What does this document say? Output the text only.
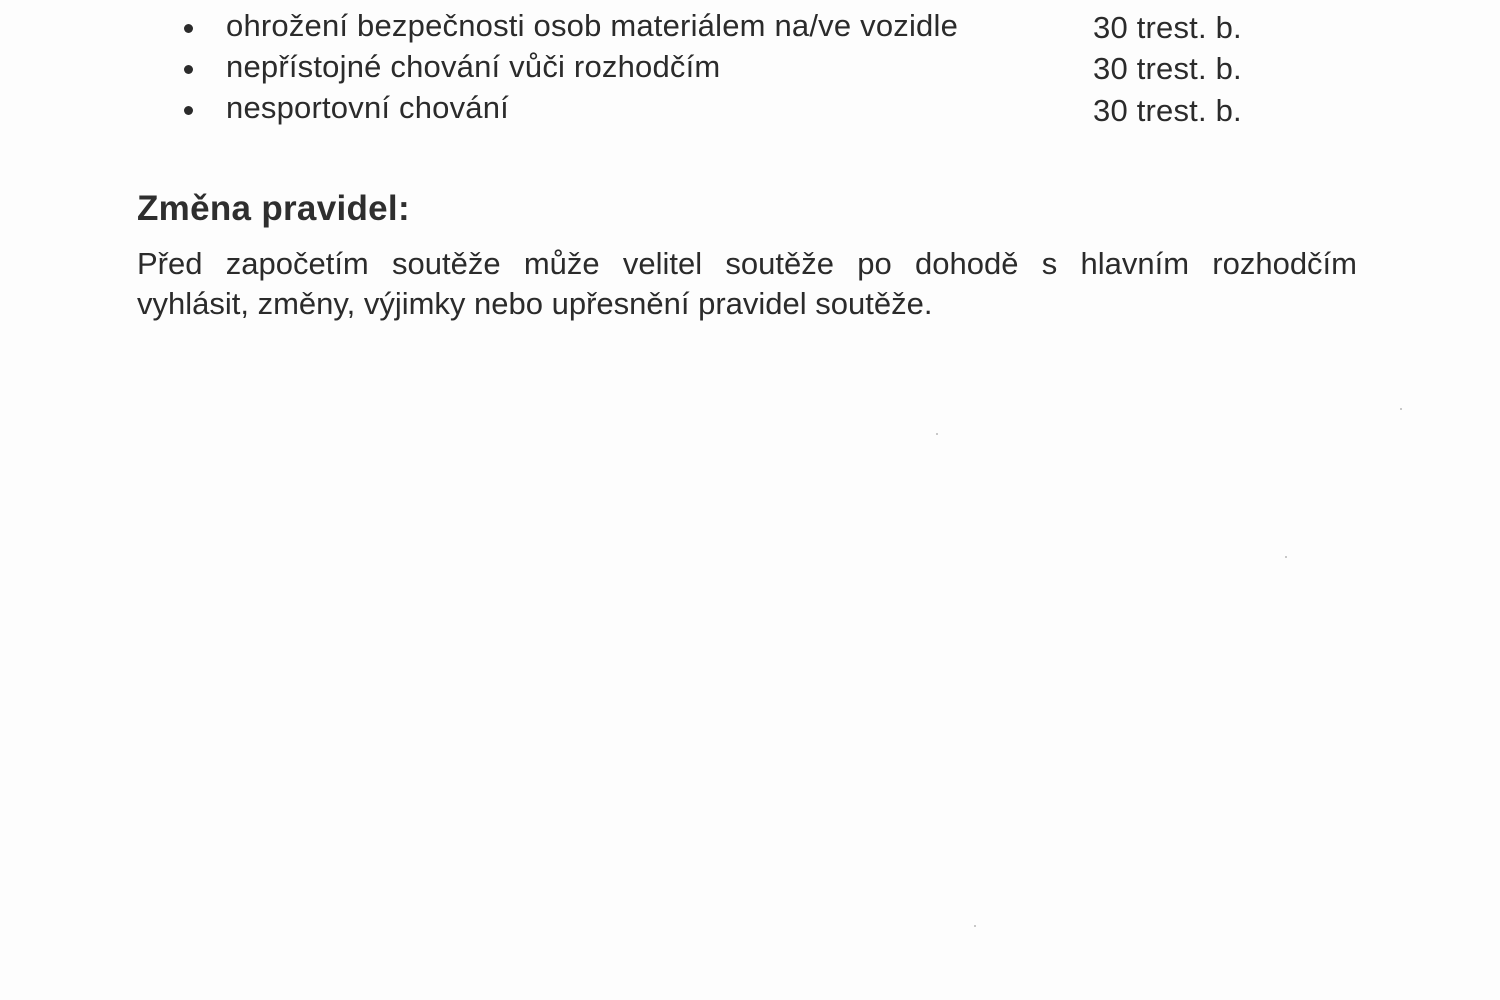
ohrožení bezpečnosti osob materiálem na/ve vozidle	30 trest. b.
nepřístojné chování vůči rozhodčím	30 trest. b.
nesportovní chování	30 trest. b.
Změna pravidel:
Před započetím soutěže může velitel soutěže po dohodě s hlavním rozhodčím
vyhlásit, změny, výjimky nebo upřesnění pravidel soutěže.
